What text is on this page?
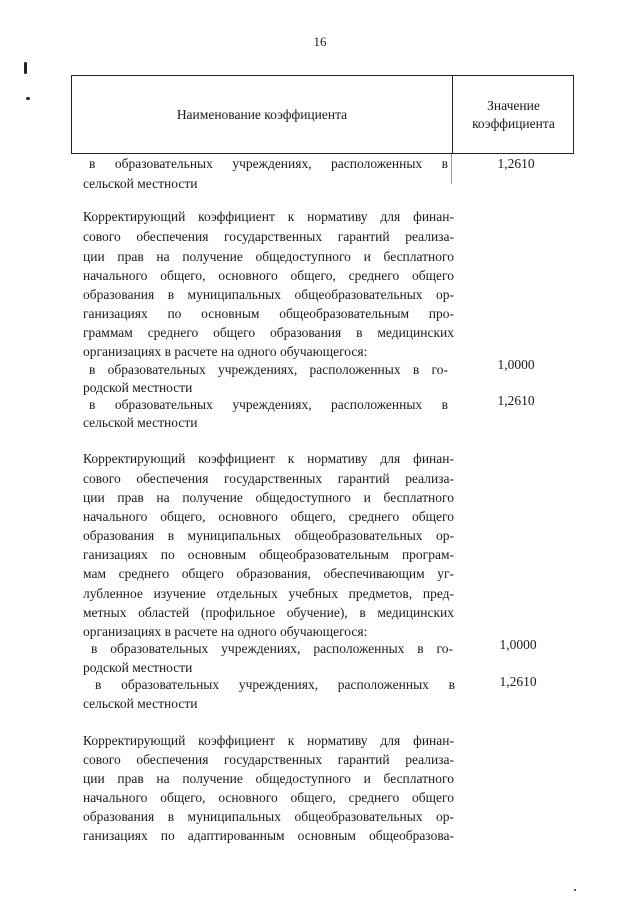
16
Наименование коэффициента
Значение
коэффициента
в образовательных учреждениях, расположенных в
сельской местности
1,2610
Корректирующий коэффициент к нормативу для финан-
сового обеспечения государственных гарантий реализа-
ции прав на получение общедоступного и бесплатного
начального общего, основного общего, среднего общего
образования в муниципальных общеобразовательных ор-
ганизациях по основным общеобразовательным про-
граммам среднего общего образования в медицинских
организациях в расчете на одного обучающегося:
в образовательных учреждениях, расположенных в го-
родской местности
1,0000
в образовательных учреждениях, расположенных в
сельской местности
1,2610
Корректирующий коэффициент к нормативу для финан-
сового обеспечения государственных гарантий реализа-
ции прав на получение общедоступного и бесплатного
начального общего, основного общего, среднего общего
образования в муниципальных общеобразовательных ор-
ганизациях по основным общеобразовательным програм-
мам среднего общего образования, обеспечивающим уг-
лубленное изучение отдельных учебных предметов, пред-
метных областей (профильное обучение), в медицинских
организациях в расчете на одного обучающегося:
в образовательных учреждениях, расположенных в го-
родской местности
1,0000
в образовательных учреждениях, расположенных в
сельской местности
1,2610
Корректирующий коэффициент к нормативу для финан-
сового обеспечения государственных гарантий реализа-
ции прав на получение общедоступного и бесплатного
начального общего, основного общего, среднего общего
образования в муниципальных общеобразовательных ор-
ганизациях по адаптированным основным общеобразова-
